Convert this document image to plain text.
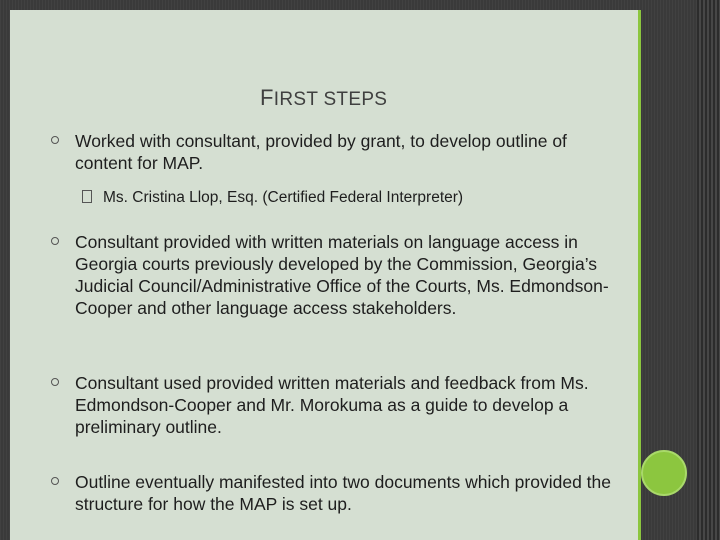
FIRST STEPS
Worked with consultant, provided by grant, to develop outline of content for MAP.
Ms. Cristina Llop, Esq. (Certified Federal Interpreter)
Consultant provided with written materials on language access in Georgia courts previously developed by the Commission, Georgia’s Judicial Council/Administrative Office of the Courts, Ms. Edmondson-Cooper and other language access stakeholders.
Consultant used provided written materials and feedback from Ms. Edmondson-Cooper and Mr. Morokuma as a guide to develop a preliminary outline.
Outline eventually manifested into two documents which provided the structure for how the MAP is set up.
